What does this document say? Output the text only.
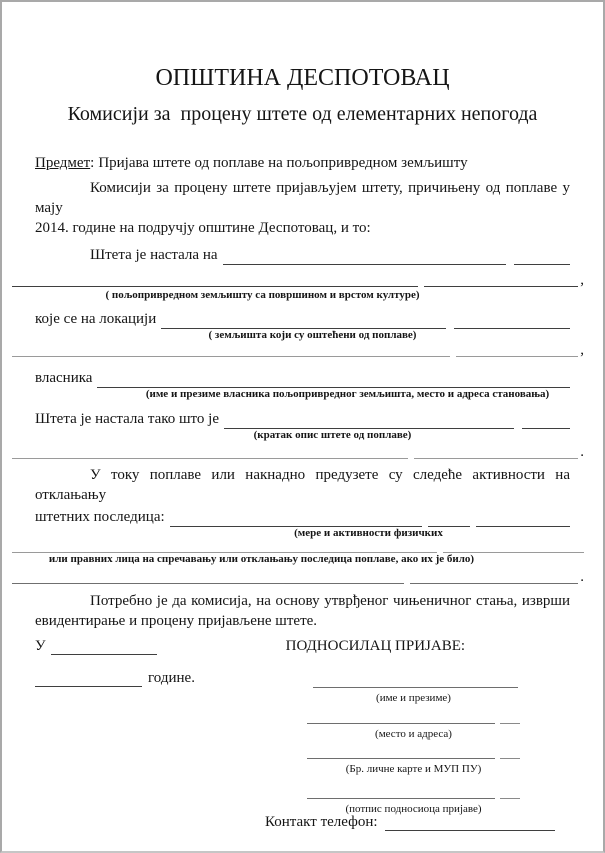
ОПШТИНА ДЕСПОТОВАЦ
Комисији за  процену штете од елементарних непогода
Предмет: Пријава штете од поплаве на пољопривредном земљишту
Комисији за процену штете пријављујем штету, причињену од поплаве у мају
2014. године на подручју општине Деспотовац, и то:
Штета је настала на
,
( пољопривредном земљишту са површином и врстом културе)
које се на локацији
( земљишта који су оштећени од поплаве)
,
власника
(име и презиме власника пољопривредног земљишта, место и адреса становања)
Штета је настала тако што је
(кратак опис штете од поплаве)
.
У току поплаве или накнадно предузете су следеће активности на отклањању
штетних последица:
(мере и активности физичких
или правних лица на спречавању или отклањању последица поплаве, ако их је било)
.
Потребно је да комисија, на основу утврђеног чињеничног стања, изврши
евидентирање и процену пријављене штете.
У	ПОДНОСИЛАЦ ПРИЈАВЕ:
године.
(име и презиме)
(место и адреса)
(Бр. личне карте и МУП ПУ)
(потпис подносиоца пријаве)
Контакт телефон:
